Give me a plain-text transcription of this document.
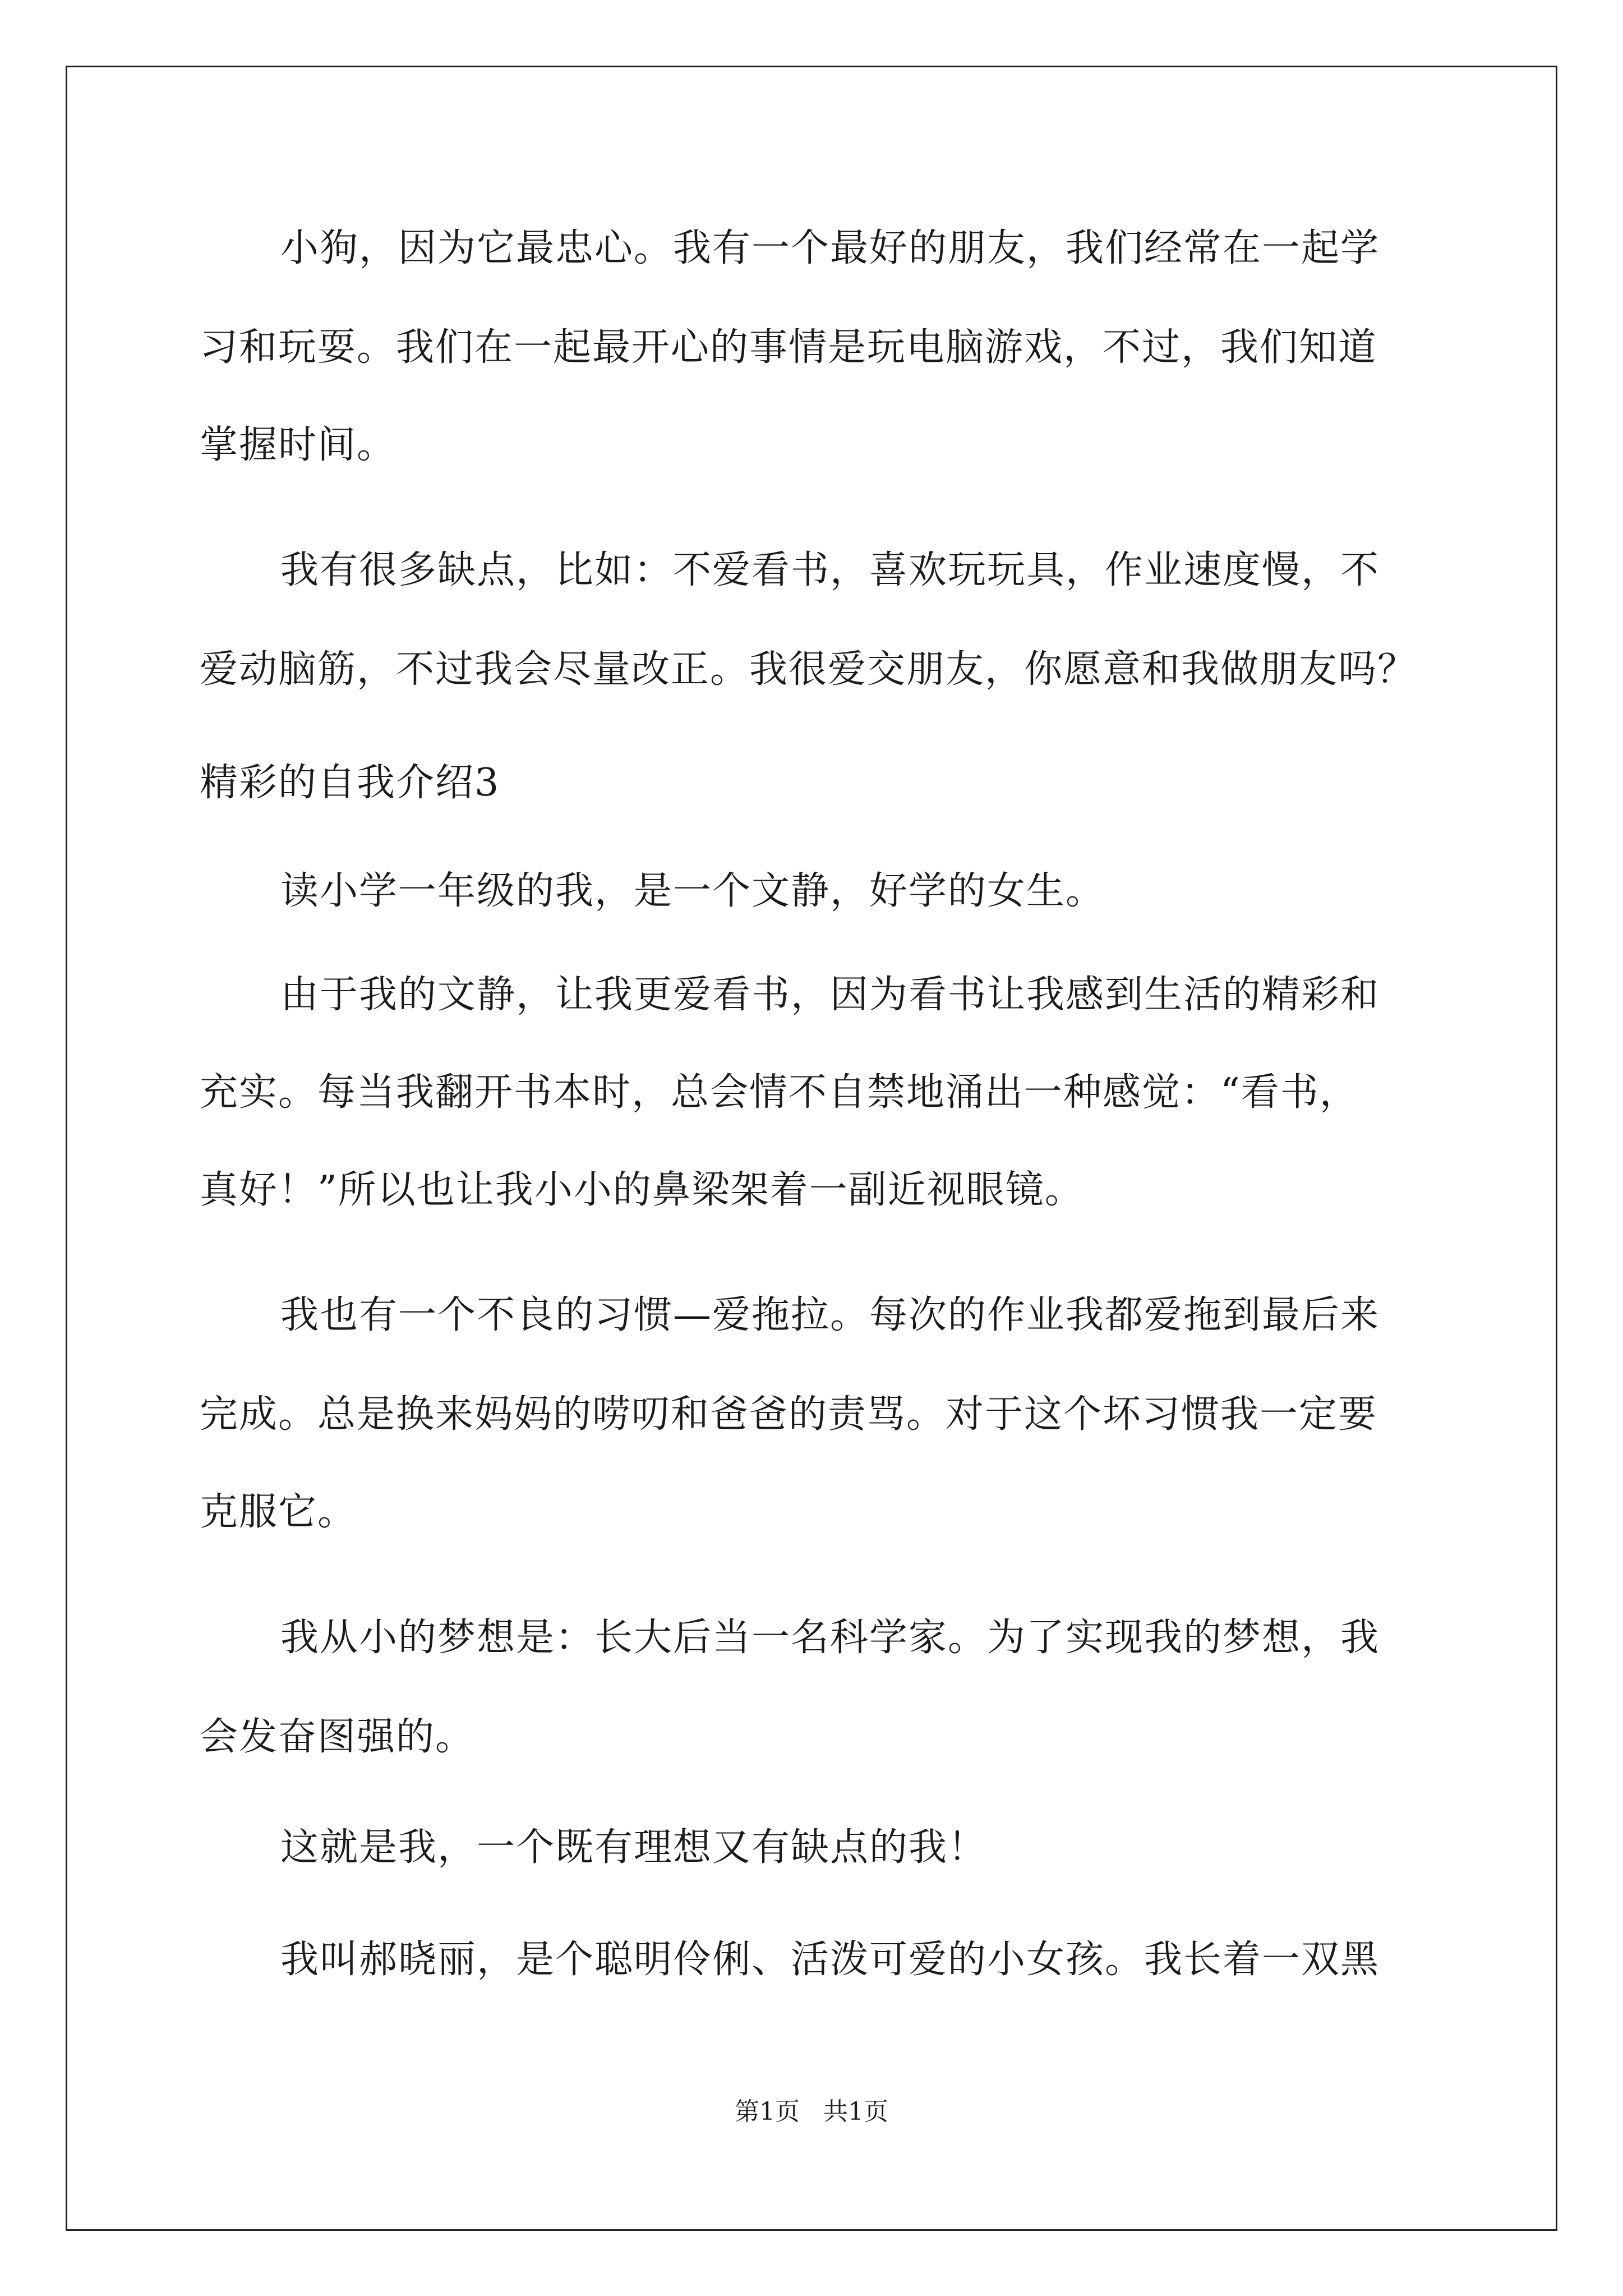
小狗，因为它最忠心。我有一个最好的朋友，我们经常在一起学
习和玩耍。我们在一起最开心的事情是玩电脑游戏，不过，我们知道
掌握时间。
我有很多缺点，比如：不爱看书，喜欢玩玩具，作业速度慢，不
爱动脑筋，不过我会尽量改正。我很爱交朋友，你愿意和我做朋友吗？
精彩的自我介绍3
读小学一年级的我，是一个文静，好学的女生。
由于我的文静，让我更爱看书，因为看书让我感到生活的精彩和
充实。每当我翻开书本时，总会情不自禁地涌出一种感觉：“看书，
真好！”所以也让我小小的鼻梁架着一副近视眼镜。
我也有一个不良的习惯—爱拖拉。每次的作业我都爱拖到最后来
完成。总是换来妈妈的唠叨和爸爸的责骂。对于这个坏习惯我一定要
克服它。
我从小的梦想是：长大后当一名科学家。为了实现我的梦想，我
会发奋图强的。
这就是我，一个既有理想又有缺点的我！
我叫郝晓丽，是个聪明伶俐、活泼可爱的小女孩。我长着一双黑
第1页   共1页
